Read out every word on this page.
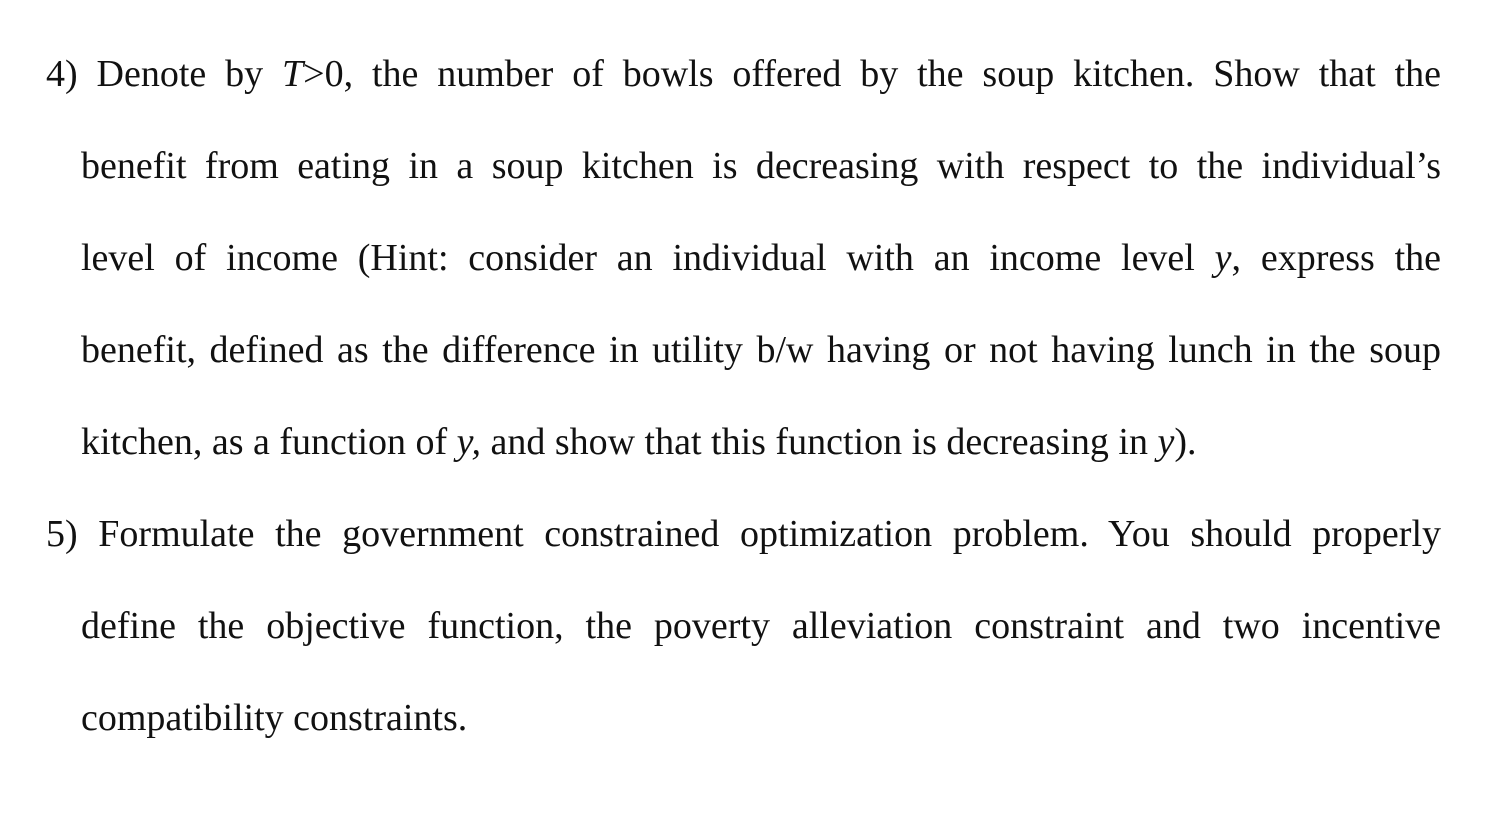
4) Denote by T>0, the number of bowls offered by the soup kitchen. Show that the
benefit from eating in a soup kitchen is decreasing with respect to the individual’s
level of income (Hint: consider an individual with an income level y, express the
benefit, defined as the difference in utility b/w having or not having lunch in the soup
kitchen, as a function of y, and show that this function is decreasing in y).
5) Formulate the government constrained optimization problem. You should properly
define the objective function, the poverty alleviation constraint and two incentive
compatibility constraints.
